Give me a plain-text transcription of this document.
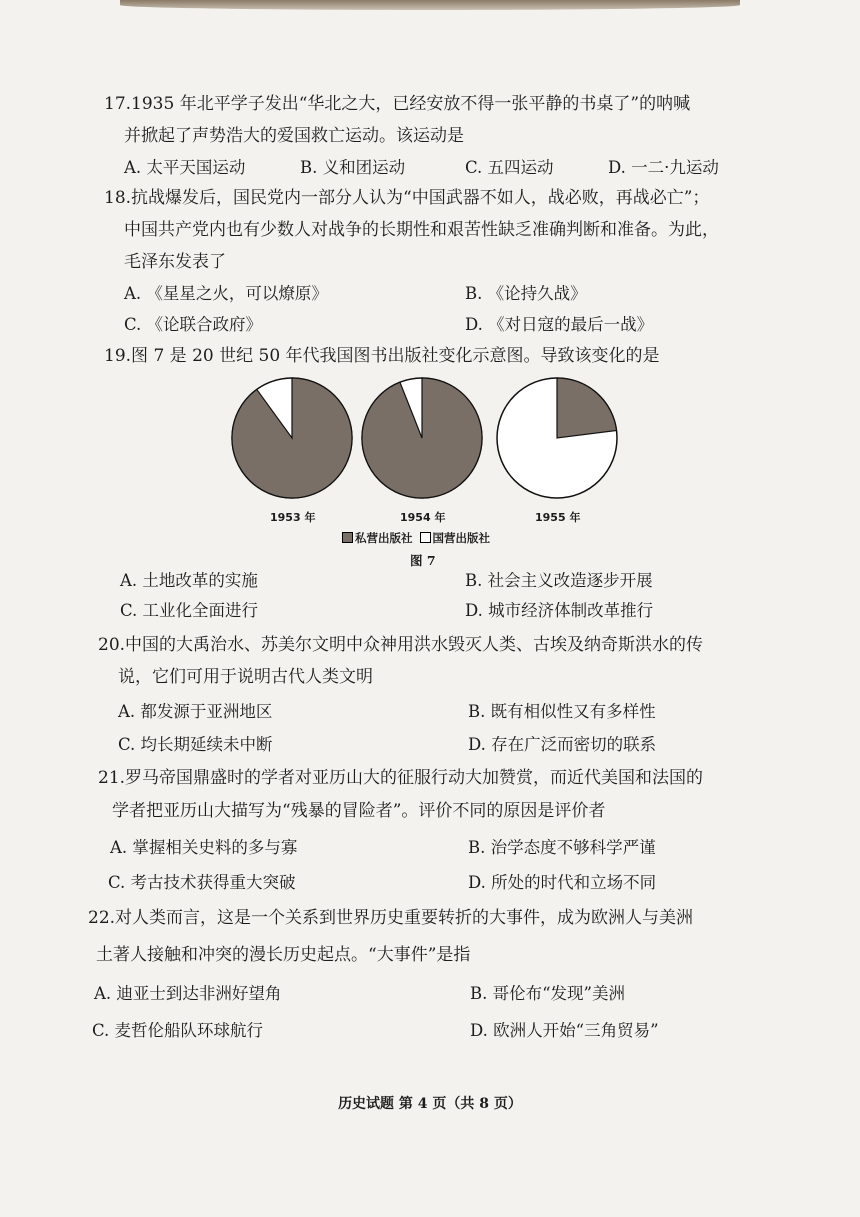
17.1935 年北平学子发出“华北之大，已经安放不得一张平静的书桌了”的呐喊
并掀起了声势浩大的爱国救亡运动。该运动是
A. 太平天国运动	B. 义和团运动	C. 五四运动	D. 一二·九运动
18.抗战爆发后，国民党内一部分人认为“中国武器不如人，战必败，再战必亡”；
中国共产党内也有少数人对战争的长期性和艰苦性缺乏准确判断和准备。为此，
毛泽东发表了
A. 《星星之火，可以燎原》	B. 《论持久战》
C. 《论联合政府》	D. 《对日寇的最后一战》
19.图 7 是 20 世纪 50 年代我国图书出版社变化示意图。导致该变化的是
1953 年	1954 年	1955 年
私营出版社 国营出版社
图 7
A. 土地改革的实施	B. 社会主义改造逐步开展
C. 工业化全面进行	D. 城市经济体制改革推行
20.中国的大禹治水、苏美尔文明中众神用洪水毁灭人类、古埃及纳奇斯洪水的传
说，它们可用于说明古代人类文明
A. 都发源于亚洲地区	B. 既有相似性又有多样性
C. 均长期延续未中断	D. 存在广泛而密切的联系
21.罗马帝国鼎盛时的学者对亚历山大的征服行动大加赞赏，而近代美国和法国的
学者把亚历山大描写为“残暴的冒险者”。评价不同的原因是评价者
A. 掌握相关史料的多与寡	B. 治学态度不够科学严谨
C. 考古技术获得重大突破	D. 所处的时代和立场不同
22.对人类而言，这是一个关系到世界历史重要转折的大事件，成为欧洲人与美洲
土著人接触和冲突的漫长历史起点。“大事件”是指
A. 迪亚士到达非洲好望角	B. 哥伦布“发现”美洲
C. 麦哲伦船队环球航行	D. 欧洲人开始“三角贸易”
历史试题 第 4 页（共 8 页）
